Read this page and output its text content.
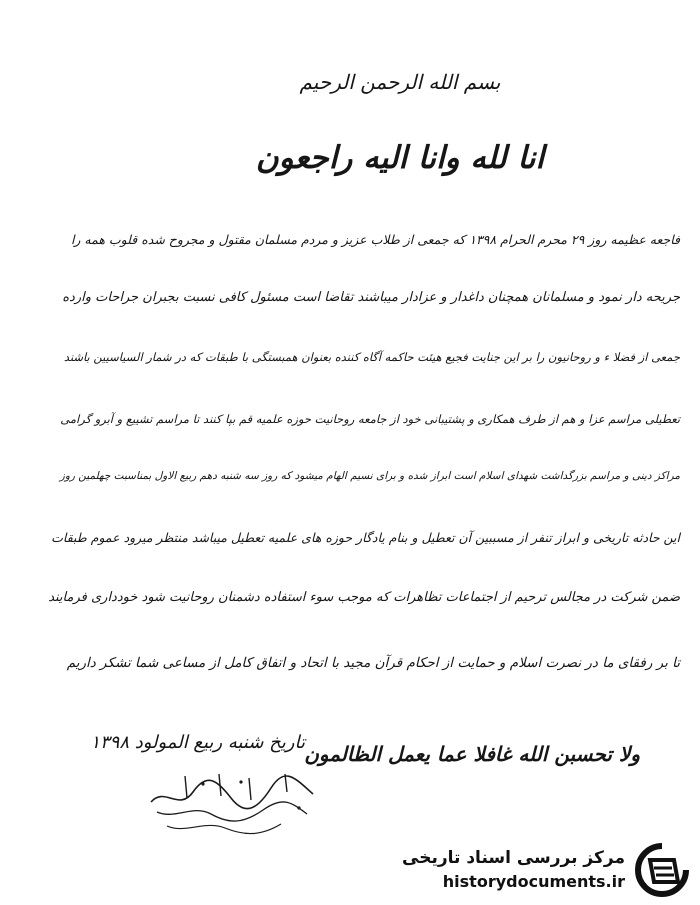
بسم الله الرحمن الرحیم
انا لله وانا الیه راجعون
فاجعه عظیمه روز ۲۹ محرم الحرام ۱۳۹۸ که جمعی از طلاب عزیز و مردم مسلمان مقتول و مجروح شده قلوب همه را
جریحه دار نمود و مسلمانان همچنان داغدار و عزادار میباشند تقاضا است مسئول کافی نسبت بجبران جراحات وارده
جمعی از فضلا ء و روحانیون را بر این جنایت فجیع هیئت حاکمه آگاه کننده بعنوان همبستگی با طبقات که در شمار السیاسیین باشند
تعطیلی مراسم عزا و هم از طرف همکاری و پشتیبانی خود از جامعه روحانیت حوزه علمیه قم بپا کنند تا مراسم تشییع و آبرو گرامی
مراکز دینی و مراسم بزرگداشت شهدای اسلام است ابراز شده و برای نسیم الهام میشود که روز سه شنبه دهم ربیع الاول بمناسبت چهلمین روز
این حادثه تاریخی و ابراز تنفر از مسببین آن تعطیل و بنام یادگار حوزه های علمیه تعطیل میباشد منتظر میرود عموم طبقات
ضمن شرکت در مجالس ترحیم از اجتماعات تظاهرات که موجب سوء استفاده دشمنان روحانیت شود خودداری فرمایند
تا بر رفقای ما در نصرت اسلام و حمایت از احکام قرآن مجید با اتحاد و اتفاق کامل از مساعی شما تشکر داریم
تاریخ شنبه ربیع المولود ۱۳۹۸ ولا تحسبن الله غافلا عما یعمل الظالمون
مرکز بررسی اسناد تاریخی
historydocuments.ir
